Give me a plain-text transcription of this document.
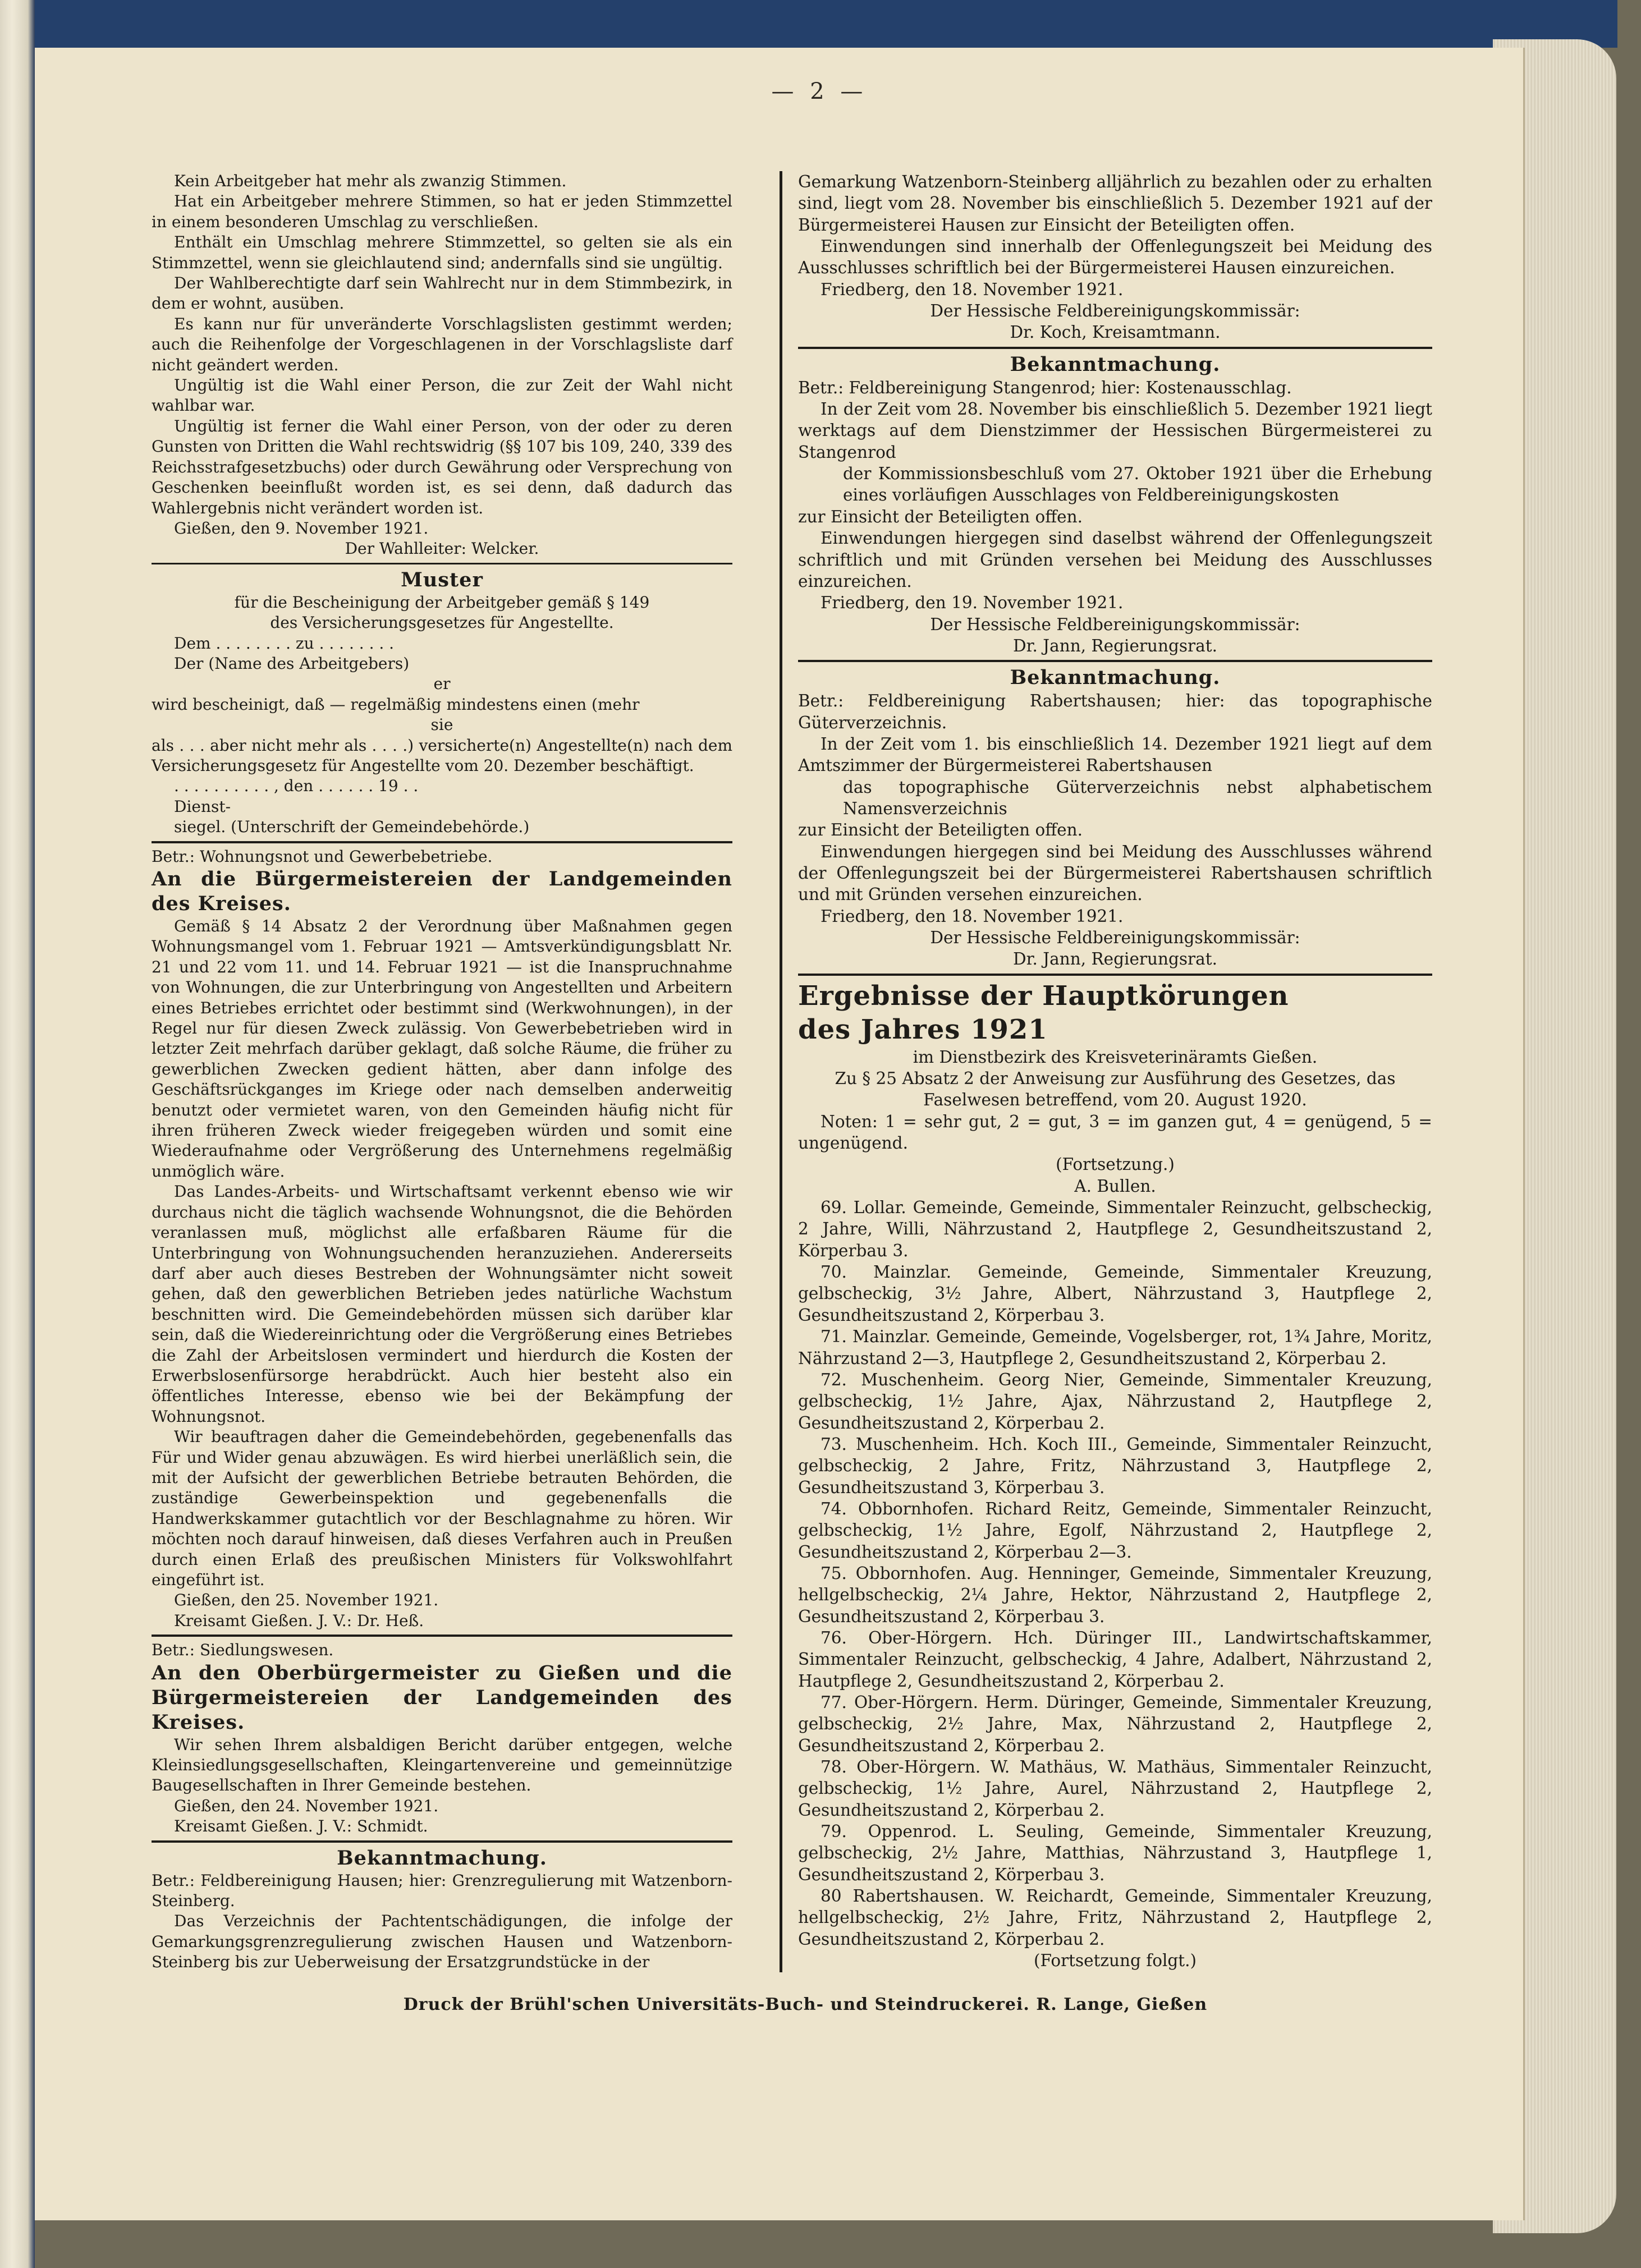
— 2 —

Kein Arbeitgeber hat mehr als zwanzig Stimmen.

Hat ein Arbeitgeber mehrere Stimmen, so hat er jeden Stimmzettel in einem besonderen Umschlag zu verschließen.

Enthält ein Umschlag mehrere Stimmzettel, so gelten sie als ein Stimmzettel, wenn sie gleichlautend sind; andernfalls sind sie ungültig.

Der Wahlberechtigte darf sein Wahlrecht nur in dem Stimmbezirk, in dem er wohnt, ausüben.

Es kann nur für unveränderte Vorschlagslisten gestimmt werden; auch die Reihenfolge der Vorgeschlagenen in der Vorschlagsliste darf nicht geändert werden.

Ungültig ist die Wahl einer Person, die zur Zeit der Wahl nicht wahlbar war.

Ungültig ist ferner die Wahl einer Person, von der oder zu deren Gunsten von Dritten die Wahl rechtswidrig (§§ 107 bis 109, 240, 339 des Reichsstrafgesetzbuchs) oder durch Gewährung oder Versprechung von Geschenken beeinflußt worden ist, es sei denn, daß dadurch das Wahlergebnis nicht verändert worden ist.

Gießen, den 9. November 1921.

Der Wahlleiter: Welcker.

Muster

für die Bescheinigung der Arbeitgeber gemäß § 149

des Versicherungsgesetzes für Angestellte.

Dem . . . . . . . . zu . . . . . . . .

Der (Name des Arbeitgebers)

er

wird bescheinigt, daß — regelmäßig mindestens einen (mehr

sie

als . . . aber nicht mehr als . . . .) versicherte(n) Angestellte(n) nach dem Versicherungsgesetz für Angestellte vom 20. Dezember beschäftigt.

. . . . . . . . . . , den . . . . . . 19 . .

Dienst-

siegel. (Unterschrift der Gemeindebehörde.)

Betr.: Wohnungsnot und Gewerbebetriebe.

An die Bürgermeistereien der Landgemeinden des Kreises.

Gemäß § 14 Absatz 2 der Verordnung über Maßnahmen gegen Wohnungsmangel vom 1. Februar 1921 — Amtsverkündigungsblatt Nr. 21 und 22 vom 11. und 14. Februar 1921 — ist die Inanspruchnahme von Wohnungen, die zur Unterbringung von Angestellten und Arbeitern eines Betriebes errichtet oder bestimmt sind (Werkwohnungen), in der Regel nur für diesen Zweck zulässig. Von Gewerbebetrieben wird in letzter Zeit mehrfach darüber geklagt, daß solche Räume, die früher zu gewerblichen Zwecken gedient hätten, aber dann infolge des Geschäftsrückganges im Kriege oder nach demselben anderweitig benutzt oder vermietet waren, von den Gemeinden häufig nicht für ihren früheren Zweck wieder freigegeben würden und somit eine Wiederaufnahme oder Vergrößerung des Unternehmens regelmäßig unmöglich wäre.

Das Landes-Arbeits- und Wirtschaftsamt verkennt ebenso wie wir durchaus nicht die täglich wachsende Wohnungsnot, die die Behörden veranlassen muß, möglichst alle erfaßbaren Räume für die Unterbringung von Wohnungsuchenden heranzuziehen. Andererseits darf aber auch dieses Bestreben der Wohnungsämter nicht soweit gehen, daß den gewerblichen Betrieben jedes natürliche Wachstum beschnitten wird. Die Gemeindebehörden müssen sich darüber klar sein, daß die Wiedereinrichtung oder die Vergrößerung eines Betriebes die Zahl der Arbeitslosen vermindert und hierdurch die Kosten der Erwerbslosenfürsorge herabdrückt. Auch hier besteht also ein öffentliches Interesse, ebenso wie bei der Bekämpfung der Wohnungsnot.

Wir beauftragen daher die Gemeindebehörden, gegebenenfalls das Für und Wider genau abzuwägen. Es wird hierbei unerläßlich sein, die mit der Aufsicht der gewerblichen Betriebe betrauten Behörden, die zuständige Gewerbeinspektion und gegebenenfalls die Handwerkskammer gutachtlich vor der Beschlagnahme zu hören. Wir möchten noch darauf hinweisen, daß dieses Verfahren auch in Preußen durch einen Erlaß des preußischen Ministers für Volkswohlfahrt eingeführt ist.

Gießen, den 25. November 1921.

Kreisamt Gießen. J. V.: Dr. Heß.

Betr.: Siedlungswesen.

An den Oberbürgermeister zu Gießen und die Bürgermeistereien der Landgemeinden des Kreises.

Wir sehen Ihrem alsbaldigen Bericht darüber entgegen, welche Kleinsiedlungsgesellschaften, Kleingartenvereine und gemeinnützige Baugesellschaften in Ihrer Gemeinde bestehen.

Gießen, den 24. November 1921.

Kreisamt Gießen. J. V.: Schmidt.

Bekanntmachung.

Betr.: Feldbereinigung Hausen; hier: Grenzregulierung mit Watzenborn-Steinberg.

Das Verzeichnis der Pachtentschädigungen, die infolge der Gemarkungsgrenzregulierung zwischen Hausen und Watzenborn-Steinberg bis zur Ueberweisung der Ersatzgrundstücke in der

Gemarkung Watzenborn-Steinberg alljährlich zu bezahlen oder zu erhalten sind, liegt vom 28. November bis einschließlich 5. Dezember 1921 auf der Bürgermeisterei Hausen zur Einsicht der Beteiligten offen.

Einwendungen sind innerhalb der Offenlegungszeit bei Meidung des Ausschlusses schriftlich bei der Bürgermeisterei Hausen einzureichen.

Friedberg, den 18. November 1921.

Der Hessische Feldbereinigungskommissär:

Dr. Koch, Kreisamtmann.

Bekanntmachung.

Betr.: Feldbereinigung Stangenrod; hier: Kostenausschlag.

In der Zeit vom 28. November bis einschließlich 5. Dezember 1921 liegt werktags auf dem Dienstzimmer der Hessischen Bürgermeisterei zu Stangenrod

der Kommissionsbeschluß vom 27. Oktober 1921 über die Erhebung eines vorläufigen Ausschlages von Feldbereinigungskosten

zur Einsicht der Beteiligten offen.

Einwendungen hiergegen sind daselbst während der Offenlegungszeit schriftlich und mit Gründen versehen bei Meidung des Ausschlusses einzureichen.

Friedberg, den 19. November 1921.

Der Hessische Feldbereinigungskommissär:

Dr. Jann, Regierungsrat.

Bekanntmachung.

Betr.: Feldbereinigung Rabertshausen; hier: das topographische Güterverzeichnis.

In der Zeit vom 1. bis einschließlich 14. Dezember 1921 liegt auf dem Amtszimmer der Bürgermeisterei Rabertshausen

das topographische Güterverzeichnis nebst alphabetischem Namensverzeichnis

zur Einsicht der Beteiligten offen.

Einwendungen hiergegen sind bei Meidung des Ausschlusses während der Offenlegungszeit bei der Bürgermeisterei Rabertshausen schriftlich und mit Gründen versehen einzureichen.

Friedberg, den 18. November 1921.

Der Hessische Feldbereinigungskommissär:

Dr. Jann, Regierungsrat.

Ergebnisse der Hauptkörungen

des Jahres 1921

im Dienstbezirk des Kreisveterinäramts Gießen.

Zu § 25 Absatz 2 der Anweisung zur Ausführung des Gesetzes, das Faselwesen betreffend, vom 20. August 1920.

Noten: 1 = sehr gut, 2 = gut, 3 = im ganzen gut, 4 = genügend, 5 = ungenügend.

(Fortsetzung.)

A. Bullen.

69. Lollar. Gemeinde, Gemeinde, Simmentaler Reinzucht, gelbscheckig, 2 Jahre, Willi, Nährzustand 2, Hautpflege 2, Gesundheitszustand 2, Körperbau 3.

70. Mainzlar. Gemeinde, Gemeinde, Simmentaler Kreuzung, gelbscheckig, 3½ Jahre, Albert, Nährzustand 3, Hautpflege 2, Gesundheitszustand 2, Körperbau 3.

71. Mainzlar. Gemeinde, Gemeinde, Vogelsberger, rot, 1¾ Jahre, Moritz, Nährzustand 2—3, Hautpflege 2, Gesundheitszustand 2, Körperbau 2.

72. Muschenheim. Georg Nier, Gemeinde, Simmentaler Kreuzung, gelbscheckig, 1½ Jahre, Ajax, Nährzustand 2, Hautpflege 2, Gesundheitszustand 2, Körperbau 2.

73. Muschenheim. Hch. Koch III., Gemeinde, Simmentaler Reinzucht, gelbscheckig, 2 Jahre, Fritz, Nährzustand 3, Hautpflege 2, Gesundheitszustand 3, Körperbau 3.

74. Obbornhofen. Richard Reitz, Gemeinde, Simmentaler Reinzucht, gelbscheckig, 1½ Jahre, Egolf, Nährzustand 2, Hautpflege 2, Gesundheitszustand 2, Körperbau 2—3.

75. Obbornhofen. Aug. Henninger, Gemeinde, Simmentaler Kreuzung, hellgelbscheckig, 2¼ Jahre, Hektor, Nährzustand 2, Hautpflege 2, Gesundheitszustand 2, Körperbau 3.

76. Ober-Hörgern. Hch. Düringer III., Landwirtschaftskammer, Simmentaler Reinzucht, gelbscheckig, 4 Jahre, Adalbert, Nährzustand 2, Hautpflege 2, Gesundheitszustand 2, Körperbau 2.

77. Ober-Hörgern. Herm. Düringer, Gemeinde, Simmentaler Kreuzung, gelbscheckig, 2½ Jahre, Max, Nährzustand 2, Hautpflege 2, Gesundheitszustand 2, Körperbau 2.

78. Ober-Hörgern. W. Mathäus, W. Mathäus, Simmentaler Reinzucht, gelbscheckig, 1½ Jahre, Aurel, Nährzustand 2, Hautpflege 2, Gesundheitszustand 2, Körperbau 2.

79. Oppenrod. L. Seuling, Gemeinde, Simmentaler Kreuzung, gelbscheckig, 2½ Jahre, Matthias, Nährzustand 3, Hautpflege 1, Gesundheitszustand 2, Körperbau 3.

80 Rabertshausen. W. Reichardt, Gemeinde, Simmentaler Kreuzung, hellgelbscheckig, 2½ Jahre, Fritz, Nährzustand 2, Hautpflege 2, Gesundheitszustand 2, Körperbau 2.

(Fortsetzung folgt.)

Druck der Brühl'schen Universitäts-Buch- und Steindruckerei. R. Lange, Gießen
